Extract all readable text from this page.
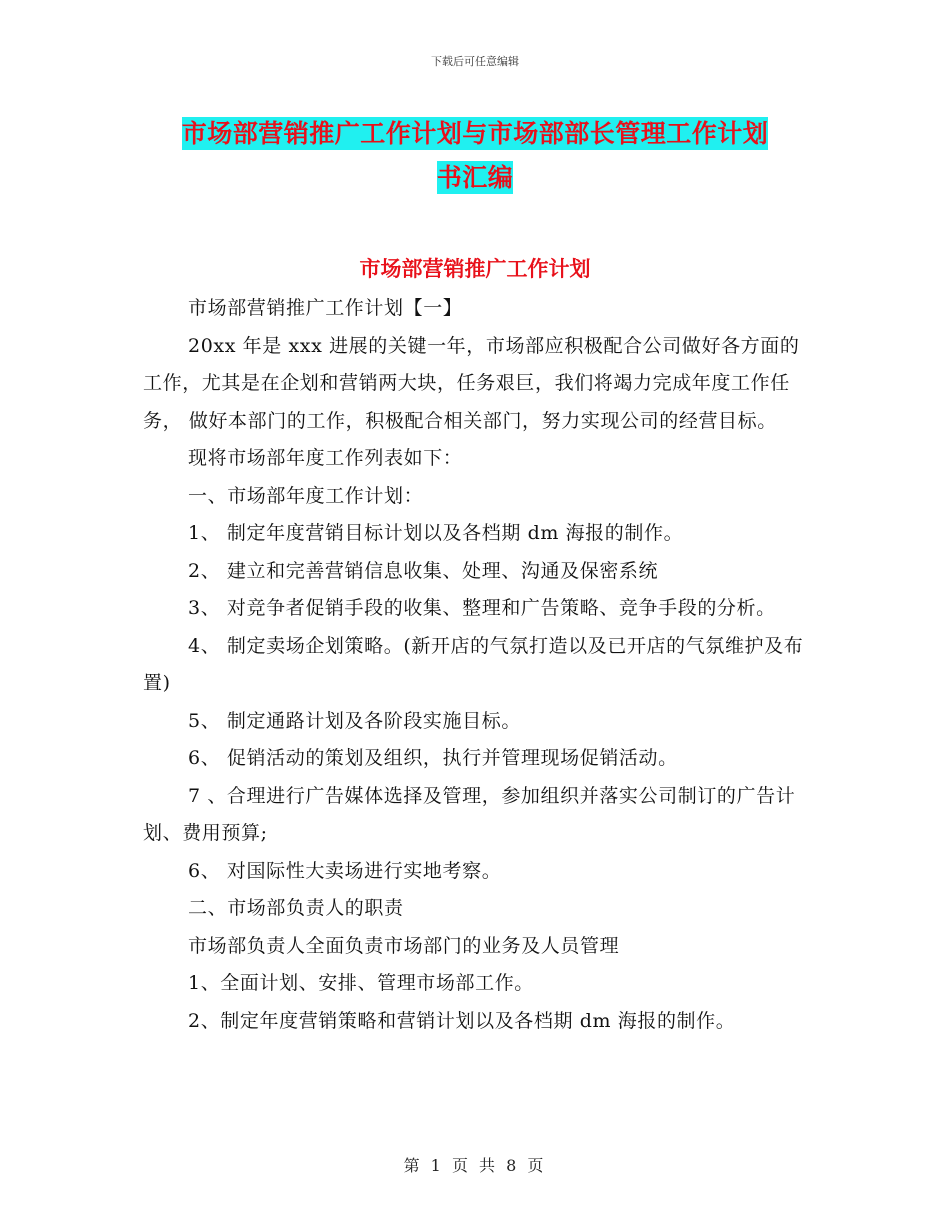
下载后可任意编辑
市场部营销推广工作计划与市场部部长管理工作计划
书汇编
市场部营销推广工作计划

市场部营销推广工作计划【一】

20xx 年是 xxx 进展的关键一年，市场部应积极配合公司做好各方面的工作，尤其是在企划和营销两大块，任务艰巨，我们将竭力完成年度工作任务， 做好本部门的工作，积极配合相关部门，努力实现公司的经营目标。

现将市场部年度工作列表如下：

一、市场部年度工作计划：

1、 制定年度营销目标计划以及各档期 dm 海报的制作。

2、 建立和完善营销信息收集、处理、沟通及保密系统

3、 对竞争者促销手段的收集、整理和广告策略、竞争手段的分析。

4、 制定卖场企划策略。(新开店的气氛打造以及已开店的气氛维护及布置)

5、 制定通路计划及各阶段实施目标。

6、 促销活动的策划及组织，执行并管理现场促销活动。

7 、合理进行广告媒体选择及管理，参加组织并落实公司制订的广告计划、费用预算;

6、 对国际性大卖场进行实地考察。

二、市场部负责人的职责

市场部负责人全面负责市场部门的业务及人员管理

1、全面计划、安排、管理市场部工作。

2、制定年度营销策略和营销计划以及各档期 dm 海报的制作。

第 1 页 共 8 页
